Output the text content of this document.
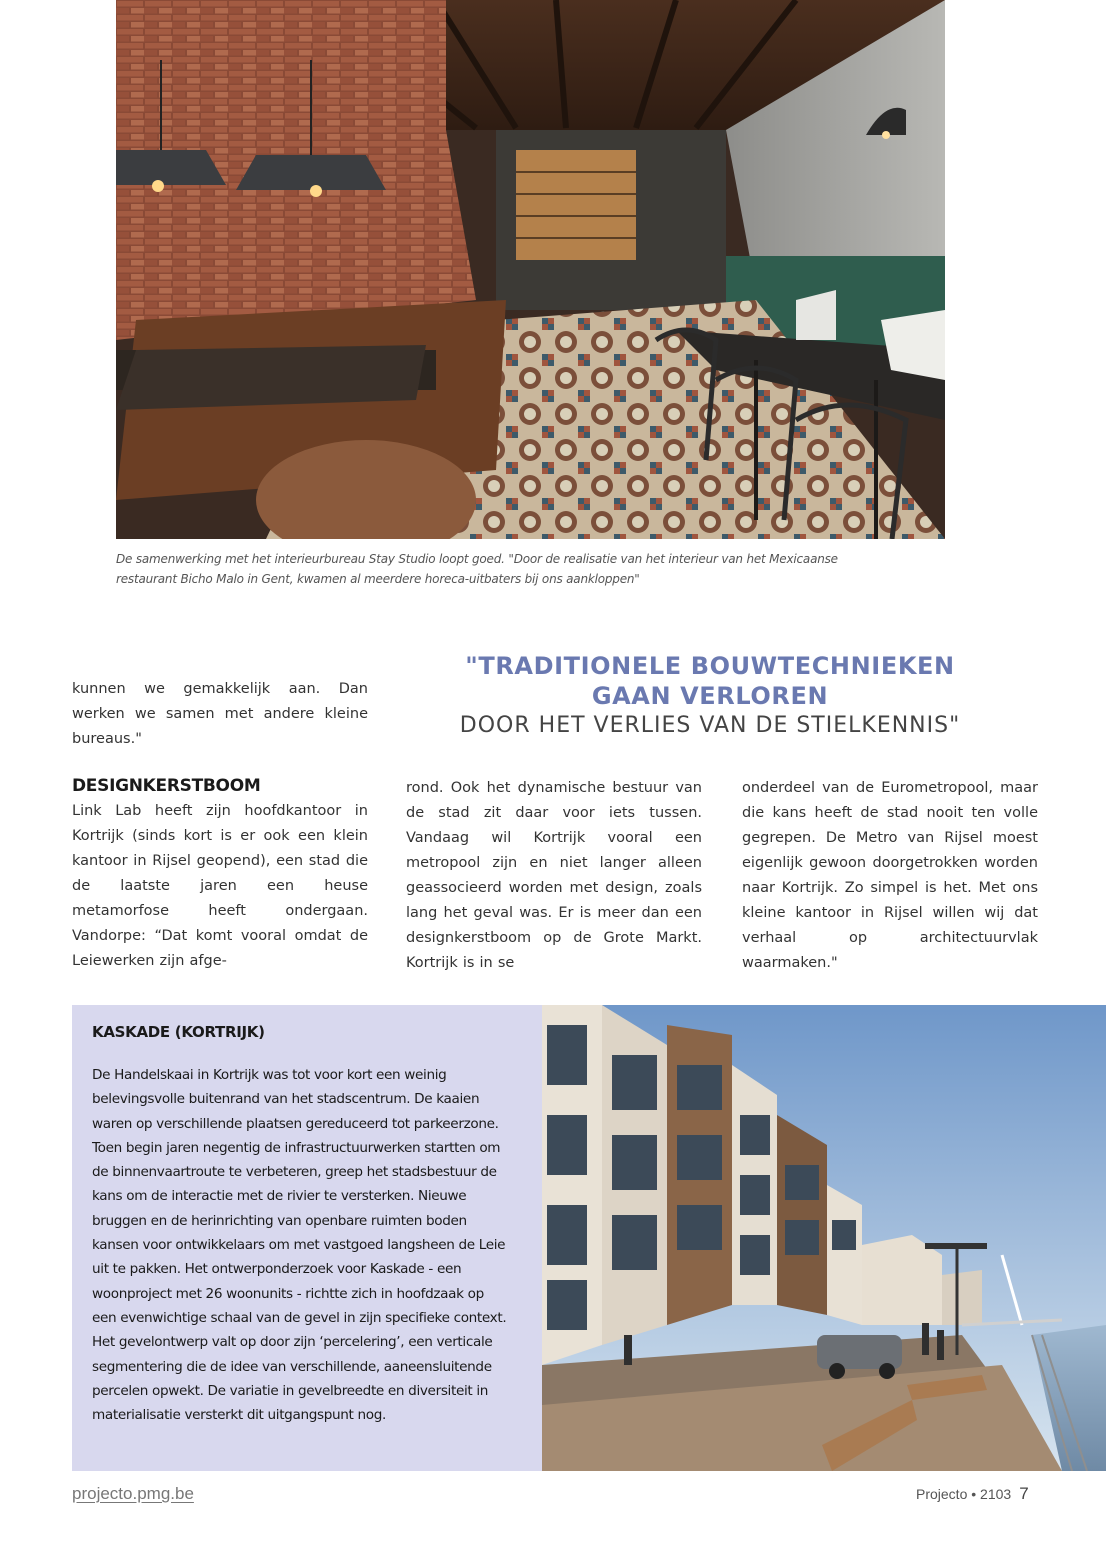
De samenwerking met het interieurbureau Stay Studio loopt goed. "Door de realisatie van het interieur van het Mexicaanse
restaurant Bicho Malo in Gent, kwamen al meerdere horeca-uitbaters bij ons aankloppen"
"TRADITIONELE BOUWTECHNIEKEN
GAAN VERLOREN
DOOR HET VERLIES VAN DE STIELKENNIS"

kunnen we gemakkelijk aan. Dan werken we samen met andere kleine bureaus."

DESIGNKERSTBOOM

Link Lab heeft zijn hoofdkantoor in Kortrijk (sinds kort is er ook een klein kantoor in Rijsel geopend), een stad die de laatste jaren een heuse metamorfose heeft ondergaan. Vandorpe: “Dat komt vooral omdat de Leiewerken zijn afge-

rond. Ook het dynamische bestuur van de stad zit daar voor iets tussen. Vandaag wil Kortrijk vooral een metropool zijn en niet langer alleen geassocieerd worden met design, zoals lang het geval was. Er is meer dan een designkerstboom op de Grote Markt. Kortrijk is in se

onderdeel van de Eurometropool, maar die kans heeft de stad nooit ten volle gegrepen. De Metro van Rijsel moest eigenlijk gewoon doorgetrokken worden naar Kortrijk. Zo simpel is het. Met ons kleine kantoor in Rijsel willen wij dat verhaal op architectuurvlak waarmaken."

KASKADE (KORTRIJK)

De Handelskaai in Kortrijk was tot voor kort een weinig belevingsvolle buitenrand van het stadscentrum. De kaaien waren op verschillende plaatsen gereduceerd tot parkeerzone. Toen begin jaren negentig de infrastructuurwerken startten om de binnenvaartroute te verbeteren, greep het stadsbestuur de kans om de interactie met de rivier te versterken. Nieuwe bruggen en de herinrichting van openbare ruimten boden kansen voor ontwikkelaars om met vastgoed langsheen de Leie uit te pakken. Het ontwerponderzoek voor Kaskade - een woonproject met 26 woonunits - richtte zich in hoofdzaak op een evenwichtige schaal van de gevel in zijn specifieke context. Het gevelontwerp valt op door zijn ‘percelering’, een verticale segmentering die de idee van verschillende, aaneensluitende percelen opwekt. De variatie in gevelbreedte en diversiteit in materialisatie versterkt dit uitgangspunt nog.

projecto.pmg.be	Projecto • 2103 7
